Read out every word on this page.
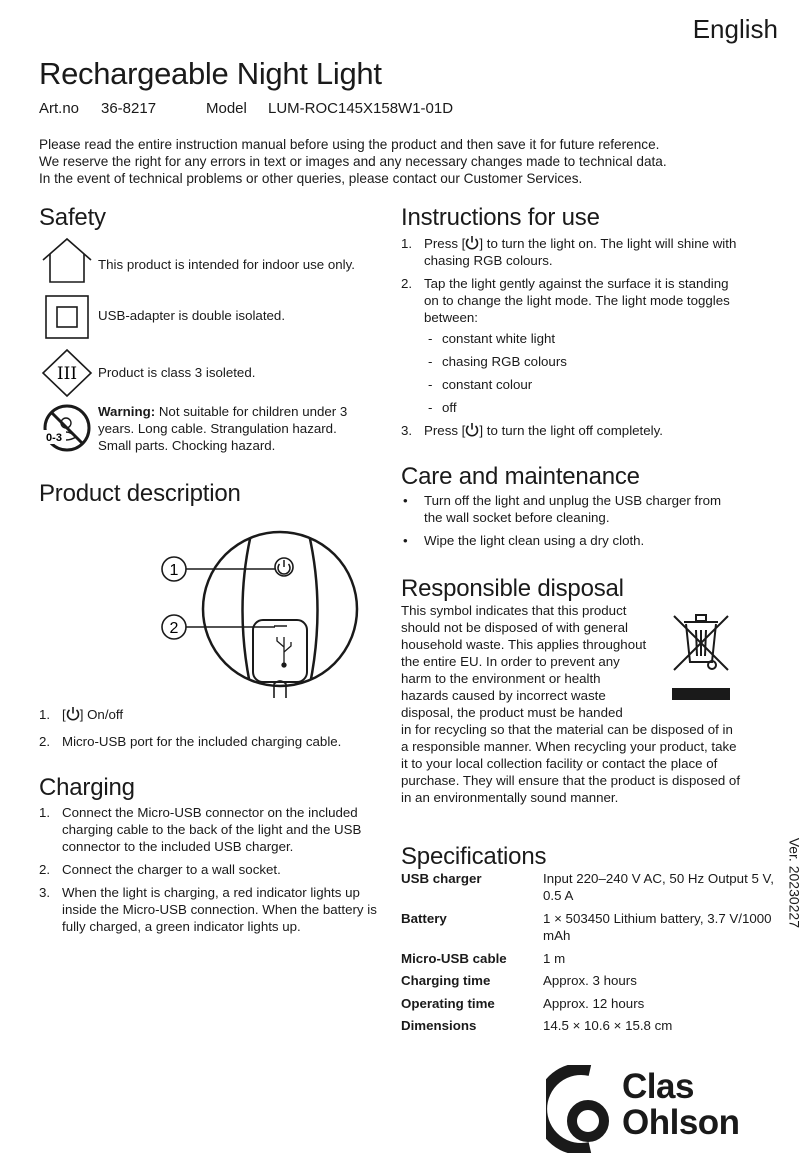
English
Rechargeable Night Light
Art.no 36-8217	Model LUM-ROC145X158W1-01D
Please read the entire instruction manual before using the product and then save it for future reference.
We reserve the right for any errors in text or images and any necessary changes made to technical data.
In the event of technical problems or other queries, please contact our Customer Services.
Safety
This product is intended for indoor use only.
USB-adapter is double isolated.
III Product is class 3 isoleted.
0-3
Warning: Not suitable for children under 3 years. Long cable. Strangulation hazard. Small parts. Chocking hazard.
Product description
1
2
1. [ ] On/off
2. Micro-USB port for the included charging cable.
Charging
1. Connect the Micro-USB connector on the included charging cable to the back of the light and the USB connector to the included USB charger.
2. Connect the charger to a wall socket.
3. When the light is charging, a red indicator lights up inside the Micro-USB connection. When the battery is fully charged, a green indicator lights up.
Instructions for use
1. Press [ ] to turn the light on. The light will shine with chasing RGB colours.
2. Tap the light gently against the surface it is standing on to change the light mode. The light mode toggles between:
- constant white light
- chasing RGB colours
- constant colour
- off
3. Press [ ] to turn the light off completely.
Care and maintenance
• Turn off the light and unplug the USB charger from the wall socket before cleaning.
• Wipe the light clean using a dry cloth.
Responsible disposal
This symbol indicates that this product
should not be disposed of with general
household waste. This applies throughout
the entire EU. In order to prevent any
harm to the environment or health
hazards caused by incorrect waste
disposal, the product must be handed
in for recycling so that the material can be disposed of in a responsible manner. When recycling your product, take it to your local collection facility or contact the place of purchase. They will ensure that the product is disposed of in an environmentally sound manner.
Specifications
USB charger	Input 220–240 V AC, 50 Hz Output 5 V, 0.5 A
Battery	1 × 503450 Lithium battery, 3.7 V/1000 mAh
Micro-USB cable	1 m
Charging time	Approx. 3 hours
Operating time	Approx. 12 hours
Dimensions	14.5 × 10.6 × 15.8 cm
Ver. 20230227
Clas
Ohlson
